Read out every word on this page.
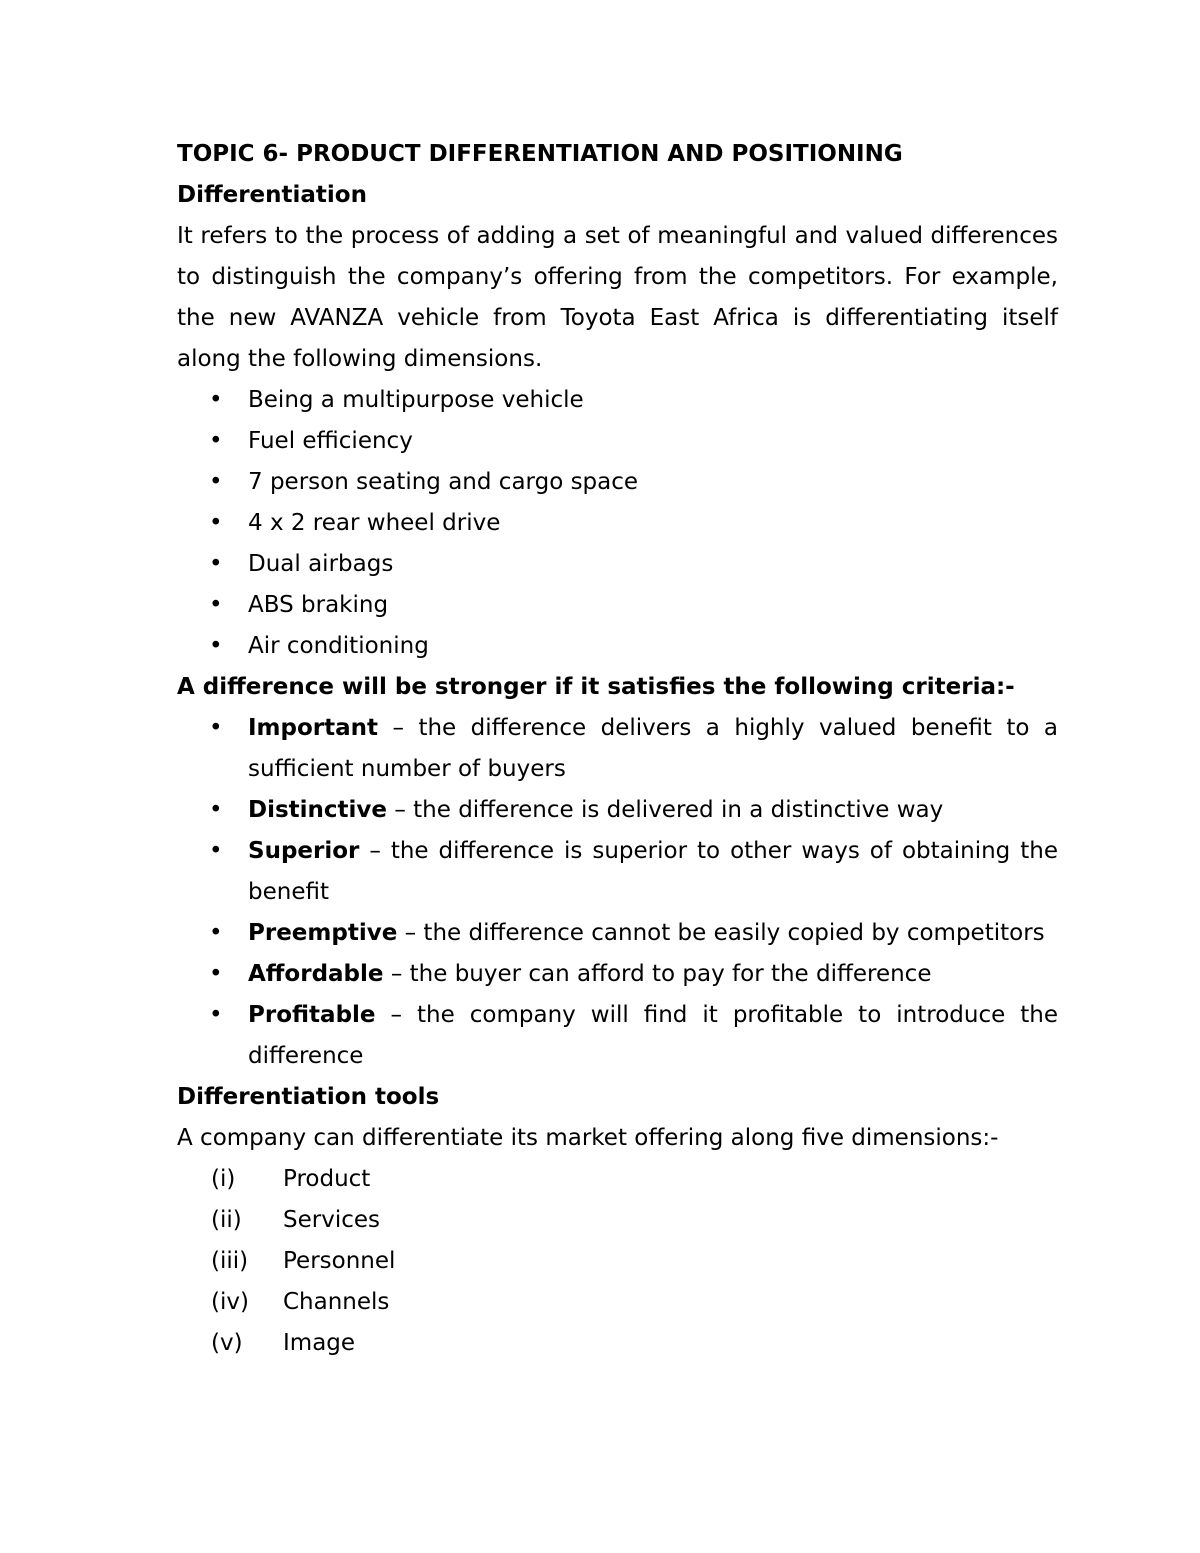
TOPIC 6- PRODUCT DIFFERENTIATION AND POSITIONING

Differentiation

It refers to the process of adding a set of meaningful and valued differences to distinguish the company’s offering from the competitors. For example, the new AVANZA vehicle from Toyota East Africa is differentiating itself along the following dimensions.

• Being a multipurpose vehicle
• Fuel efficiency
• 7 person seating and cargo space
• 4 x 2 rear wheel drive
• Dual airbags
• ABS braking
• Air conditioning

A difference will be stronger if it satisfies the following criteria:-

• Important – the difference delivers a highly valued benefit to a sufficient number of buyers
• Distinctive – the difference is delivered in a distinctive way
• Superior – the difference is superior to other ways of obtaining the benefit
• Preemptive – the difference cannot be easily copied by competitors
• Affordable – the buyer can afford to pay for the difference
• Profitable – the company will find it profitable to introduce the difference

Differentiation tools

A company can differentiate its market offering along five dimensions:-

(i) Product
(ii) Services
(iii) Personnel
(iv) Channels
(v) Image
